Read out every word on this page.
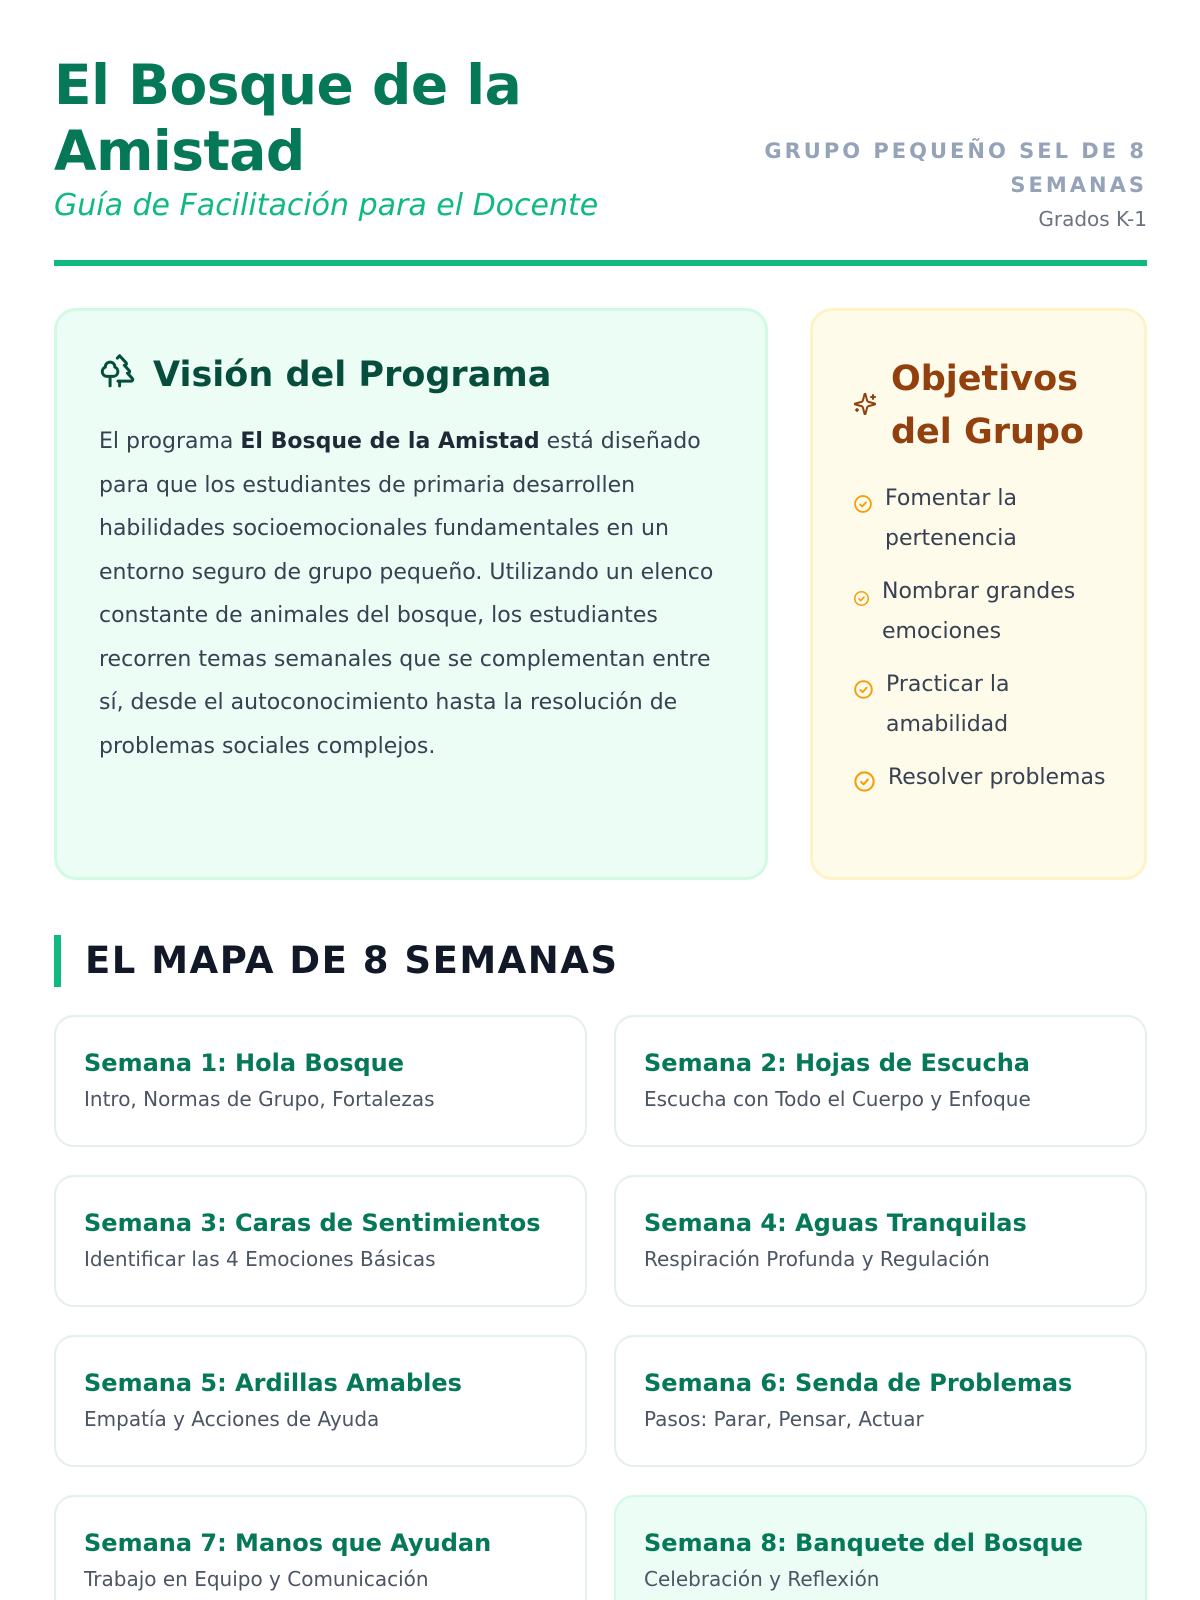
El Bosque de la Amistad
Guía de Facilitación para el Docente
GRUPO PEQUEÑO SEL DE 8 SEMANAS
Grados K-1
Visión del Programa

El programa El Bosque de la Amistad está diseñado para que los estudiantes de primaria desarrollen habilidades socioemocionales fundamentales en un entorno seguro de grupo pequeño. Utilizando un elenco constante de animales del bosque, los estudiantes recorren temas semanales que se complementan entre sí, desde el autoconocimiento hasta la resolución de problemas sociales complejos.

Objetivos del Grupo
Fomentar la pertenencia
Nombrar grandes emociones
Practicar la amabilidad
Resolver problemas
EL MAPA DE 8 SEMANAS
Semana 1: Hola Bosque
Intro, Normas de Grupo, Fortalezas
Semana 2: Hojas de Escucha
Escucha con Todo el Cuerpo y Enfoque
Semana 3: Caras de Sentimientos
Identificar las 4 Emociones Básicas
Semana 4: Aguas Tranquilas
Respiración Profunda y Regulación
Semana 5: Ardillas Amables
Empatía y Acciones de Ayuda
Semana 6: Senda de Problemas
Pasos: Parar, Pensar, Actuar
Semana 7: Manos que Ayudan
Trabajo en Equipo y Comunicación
Semana 8: Banquete del Bosque
Celebración y Reflexión
